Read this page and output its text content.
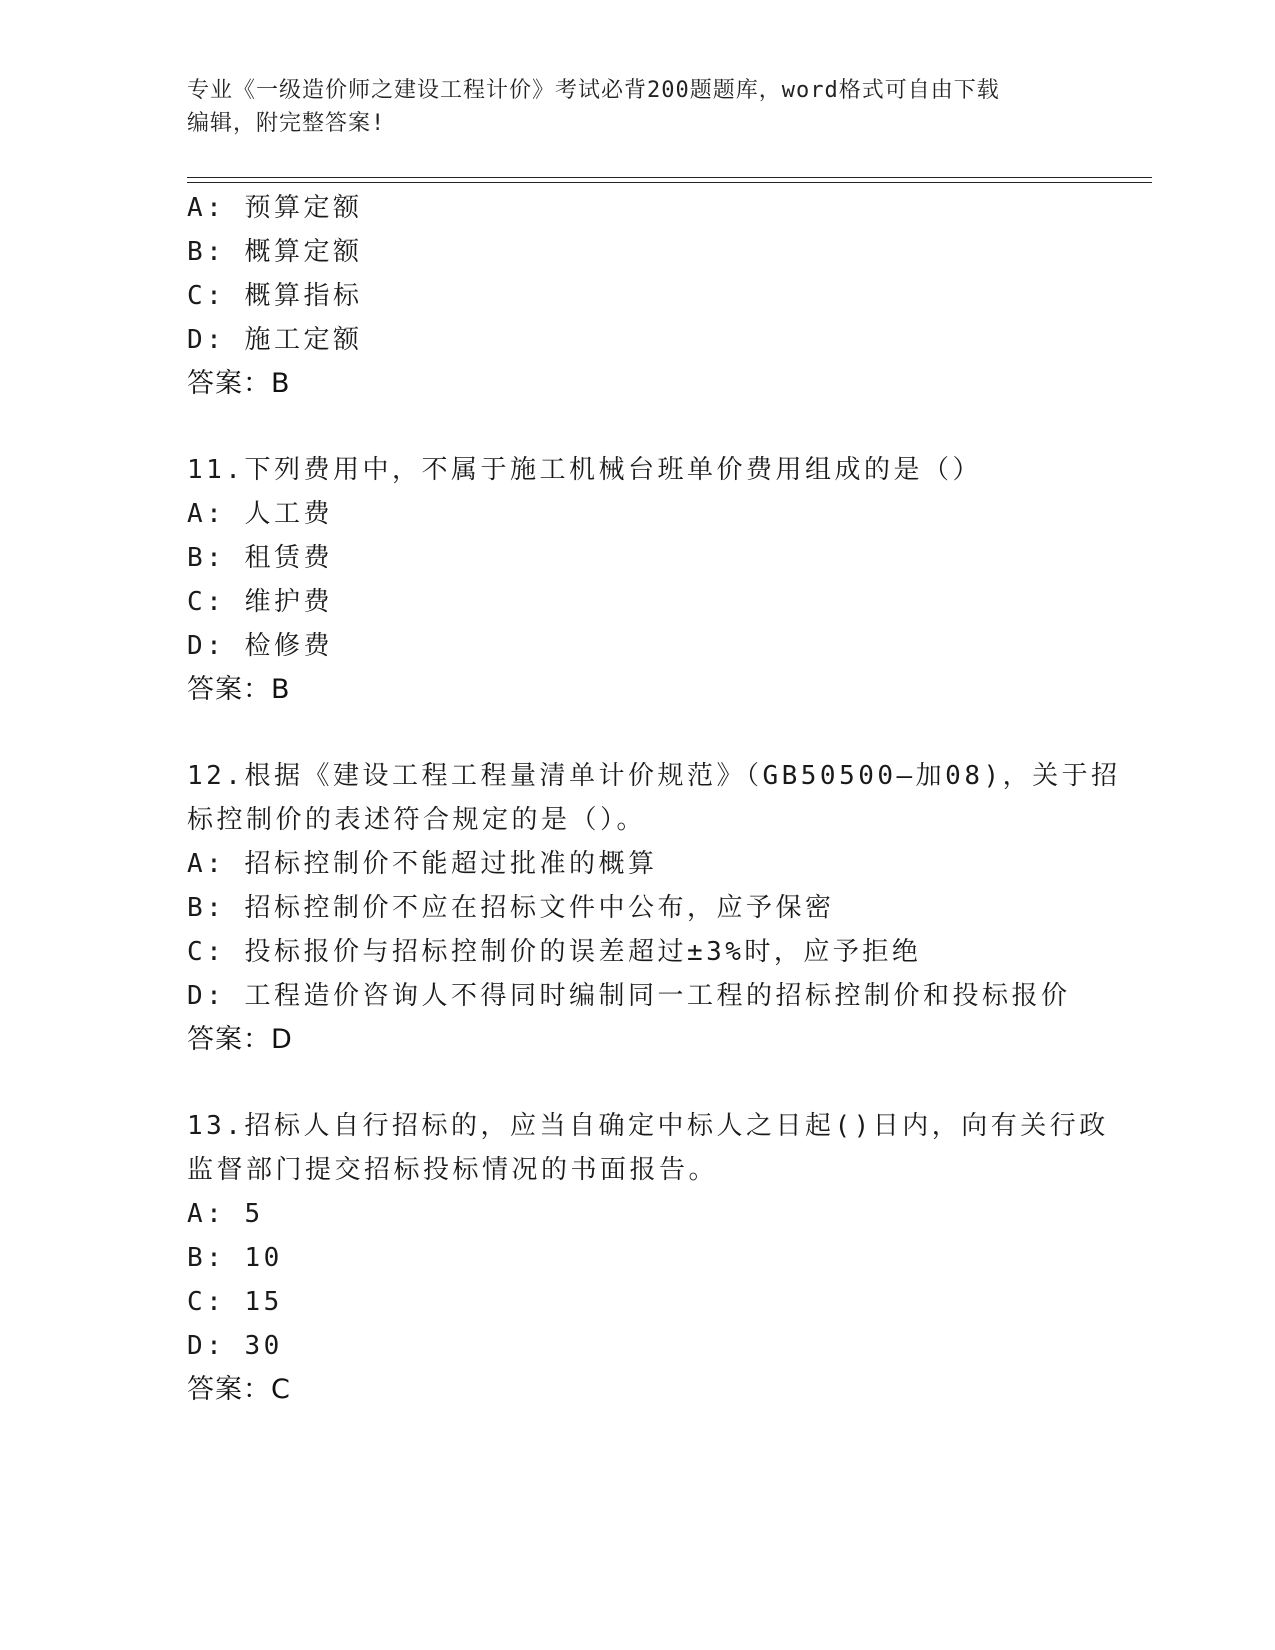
专业《一级造价师之建设工程计价》考试必背200题题库，word格式可自由下载
编辑，附完整答案!
A: 预算定额
B: 概算定额
C: 概算指标
D: 施工定额
答案：B
11.下列费用中，不属于施工机械台班单价费用组成的是（）
A: 人工费
B: 租赁费
C: 维护费
D: 检修费
答案：B
12.根据《建设工程工程量清单计价规范》（GB50500—加08)，关于招
标控制价的表述符合规定的是（）。
A: 招标控制价不能超过批准的概算
B: 招标控制价不应在招标文件中公布，应予保密
C: 投标报价与招标控制价的误差超过±3%时，应予拒绝
D: 工程造价咨询人不得同时编制同一工程的招标控制价和投标报价
答案：D
13.招标人自行招标的，应当自确定中标人之日起()日内，向有关行政
监督部门提交招标投标情况的书面报告。
A: 5
B: 10
C: 15
D: 30
答案：C
